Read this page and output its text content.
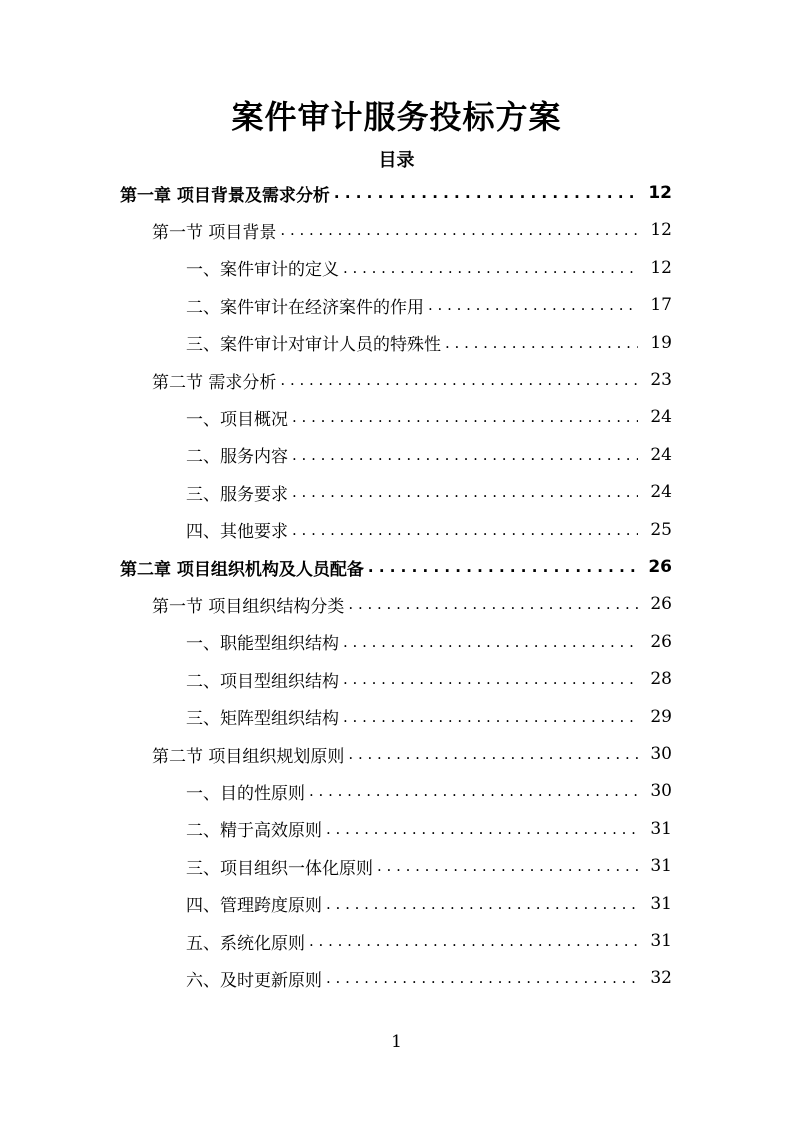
案件审计服务投标方案
目录
第一章 项目背景及需求分析 . . .	12
第一节 项目背景 . . .	12
一、案件审计的定义 . . .	12
二、案件审计在经济案件的作用 . . .	17
三、案件审计对审计人员的特殊性 . . .	19
第二节 需求分析 . . .	23
一、项目概况 . . .	24
二、服务内容 . . .	24
三、服务要求 . . .	24
四、其他要求 . . .	25
第二章 项目组织机构及人员配备 . . .	26
第一节 项目组织结构分类 . . .	26
一、职能型组织结构 . . .	26
二、项目型组织结构 . . .	28
三、矩阵型组织结构 . . .	29
第二节 项目组织规划原则 . . .	30
一、目的性原则 . . .	30
二、精于高效原则 . . .	31
三、项目组织一体化原则 . . .	31
四、管理跨度原则 . . .	31
五、系统化原则 . . .	31
六、及时更新原则 . . .	32

1
